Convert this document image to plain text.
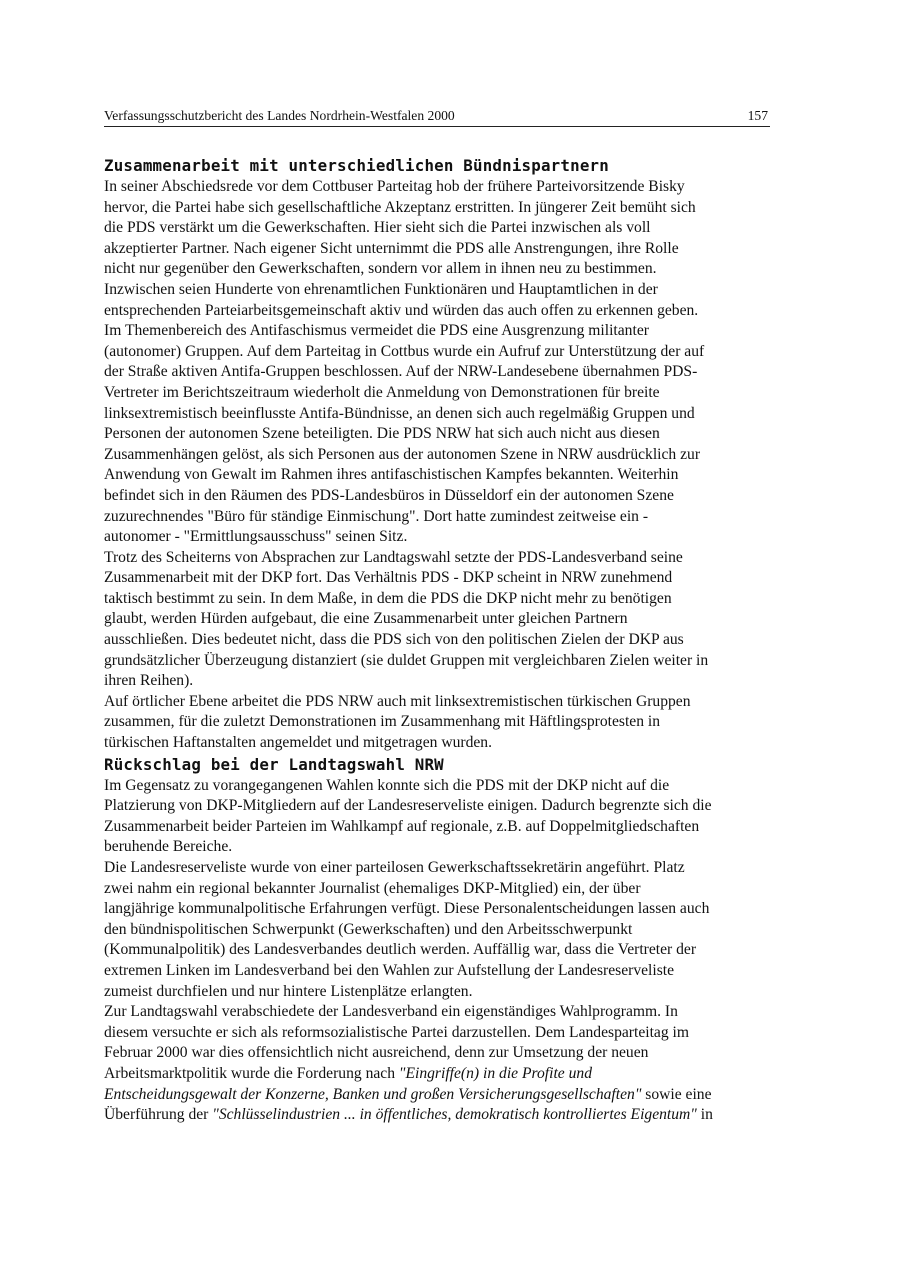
Verfassungsschutzbericht des Landes Nordrhein-Westfalen 2000	157
Zusammenarbeit mit unterschiedlichen Bündnispartnern

In seiner Abschiedsrede vor dem Cottbuser Parteitag hob der frühere Parteivorsitzende Bisky
hervor, die Partei habe sich gesellschaftliche Akzeptanz erstritten. In jüngerer Zeit bemüht sich
die PDS verstärkt um die Gewerkschaften. Hier sieht sich die Partei inzwischen als voll
akzeptierter Partner. Nach eigener Sicht unternimmt die PDS alle Anstrengungen, ihre Rolle
nicht nur gegenüber den Gewerkschaften, sondern vor allem in ihnen neu zu bestimmen.
Inzwischen seien Hunderte von ehrenamtlichen Funktionären und Hauptamtlichen in der
entsprechenden Parteiarbeitsgemeinschaft aktiv und würden das auch offen zu erkennen geben.
Im Themenbereich des Antifaschismus vermeidet die PDS eine Ausgrenzung militanter
(autonomer) Gruppen. Auf dem Parteitag in Cottbus wurde ein Aufruf zur Unterstützung der auf
der Straße aktiven Antifa-Gruppen beschlossen. Auf der NRW-Landesebene übernahmen PDS-
Vertreter im Berichtszeitraum wiederholt die Anmeldung von Demonstrationen für breite
linksextremistisch beeinflusste Antifa-Bündnisse, an denen sich auch regelmäßig Gruppen und
Personen der autonomen Szene beteiligten. Die PDS NRW hat sich auch nicht aus diesen
Zusammenhängen gelöst, als sich Personen aus der autonomen Szene in NRW ausdrücklich zur
Anwendung von Gewalt im Rahmen ihres antifaschistischen Kampfes bekannten. Weiterhin
befindet sich in den Räumen des PDS-Landesbüros in Düsseldorf ein der autonomen Szene
zuzurechnendes "Büro für ständige Einmischung". Dort hatte zumindest zeitweise ein -
autonomer - "Ermittlungsausschuss" seinen Sitz.

Trotz des Scheiterns von Absprachen zur Landtagswahl setzte der PDS-Landesverband seine
Zusammenarbeit mit der DKP fort. Das Verhältnis PDS - DKP scheint in NRW zunehmend
taktisch bestimmt zu sein. In dem Maße, in dem die PDS die DKP nicht mehr zu benötigen
glaubt, werden Hürden aufgebaut, die eine Zusammenarbeit unter gleichen Partnern
ausschließen. Dies bedeutet nicht, dass die PDS sich von den politischen Zielen der DKP aus
grundsätzlicher Überzeugung distanziert (sie duldet Gruppen mit vergleichbaren Zielen weiter in
ihren Reihen).

Auf örtlicher Ebene arbeitet die PDS NRW auch mit linksextremistischen türkischen Gruppen
zusammen, für die zuletzt Demonstrationen im Zusammenhang mit Häftlingsprotesten in
türkischen Haftanstalten angemeldet und mitgetragen wurden.

Rückschlag bei der Landtagswahl NRW

Im Gegensatz zu vorangegangenen Wahlen konnte sich die PDS mit der DKP nicht auf die
Platzierung von DKP-Mitgliedern auf der Landesreserveliste einigen. Dadurch begrenzte sich die
Zusammenarbeit beider Parteien im Wahlkampf auf regionale, z.B. auf Doppelmitgliedschaften
beruhende Bereiche.

Die Landesreserveliste wurde von einer parteilosen Gewerkschaftssekretärin angeführt. Platz
zwei nahm ein regional bekannter Journalist (ehemaliges DKP-Mitglied) ein, der über
langjährige kommunalpolitische Erfahrungen verfügt. Diese Personalentscheidungen lassen auch
den bündnispolitischen Schwerpunkt (Gewerkschaften) und den Arbeitsschwerpunkt
(Kommunalpolitik) des Landesverbandes deutlich werden. Auffällig war, dass die Vertreter der
extremen Linken im Landesverband bei den Wahlen zur Aufstellung der Landesreserveliste
zumeist durchfielen und nur hintere Listenplätze erlangten.

Zur Landtagswahl verabschiedete der Landesverband ein eigenständiges Wahlprogramm. In
diesem versuchte er sich als reformsozialistische Partei darzustellen. Dem Landesparteitag im
Februar 2000 war dies offensichtlich nicht ausreichend, denn zur Umsetzung der neuen
Arbeitsmarktpolitik wurde die Forderung nach "Eingriffe(n) in die Profite und
Entscheidungsgewalt der Konzerne, Banken und großen Versicherungsgesellschaften" sowie eine
Überführung der "Schlüsselindustrien ... in öffentliches, demokratisch kontrolliertes Eigentum" in
